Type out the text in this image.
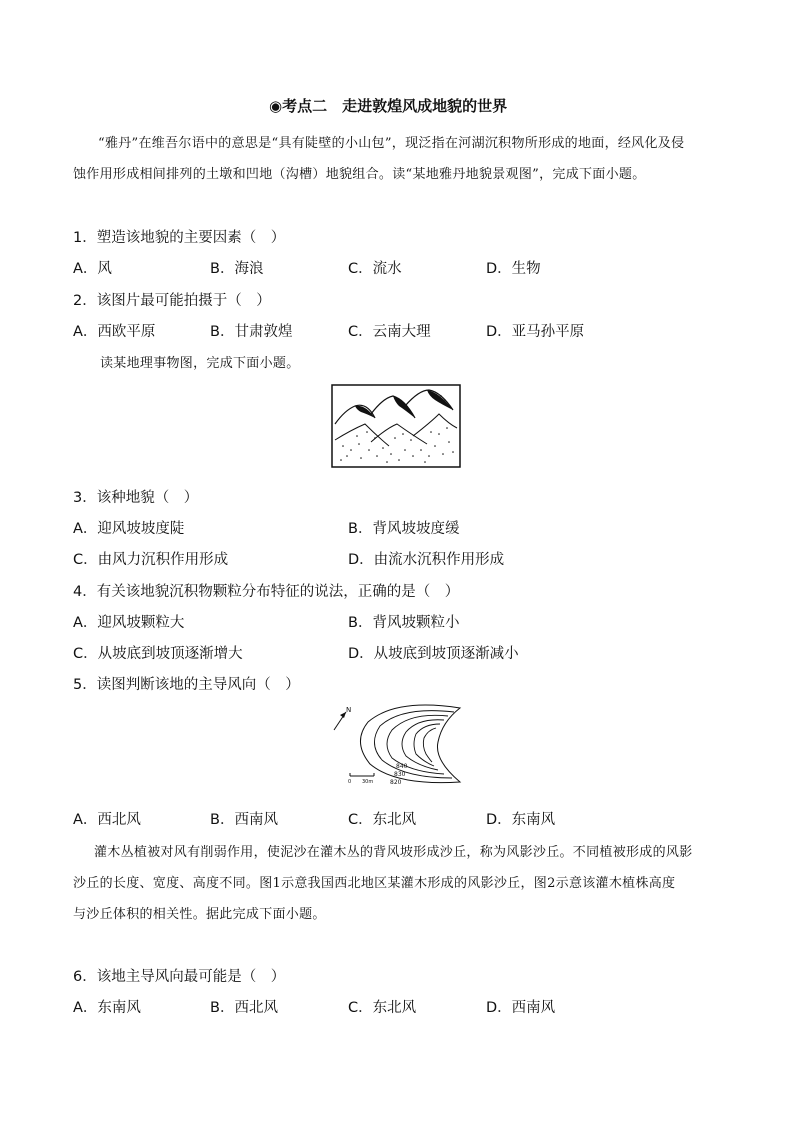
◉考点二　走进敦煌风成地貌的世界
“雅丹”在维吾尔语中的意思是“具有陡壁的小山包”，现泛指在河湖沉积物所形成的地面，经风化及侵
蚀作用形成相间排列的土墩和凹地（沟槽）地貌组合。读“某地雅丹地貌景观图”，完成下面小题。
1．塑造该地貌的主要因素（　）
A．风	B．海浪	C．流水	D．生物
2．该图片最可能拍摄于（　）
A．西欧平原	B．甘肃敦煌	C．云南大理	D．亚马孙平原
读某地理事物图，完成下面小题。
3．该种地貌（　）
A．迎风坡坡度陡	B．背风坡坡度缓
C．由风力沉积作用形成	D．由流水沉积作用形成
4．有关该地貌沉积物颗粒分布特征的说法，正确的是（　）
A．迎风坡颗粒大	B．背风坡颗粒小
C．从坡底到坡顶逐渐增大	D．从坡底到坡顶逐渐减小
5．读图判断该地的主导风向（　）
N
840
830
820
0 30m
A．西北风	B．西南风	C．东北风	D．东南风
灌木丛植被对风有削弱作用，使泥沙在灌木丛的背风坡形成沙丘，称为风影沙丘。不同植被形成的风影
沙丘的长度、宽度、高度不同。图1示意我国西北地区某灌木形成的风影沙丘，图2示意该灌木植株高度
与沙丘体积的相关性。据此完成下面小题。
6．该地主导风向最可能是（　）
A．东南风	B．西北风	C．东北风	D．西南风
